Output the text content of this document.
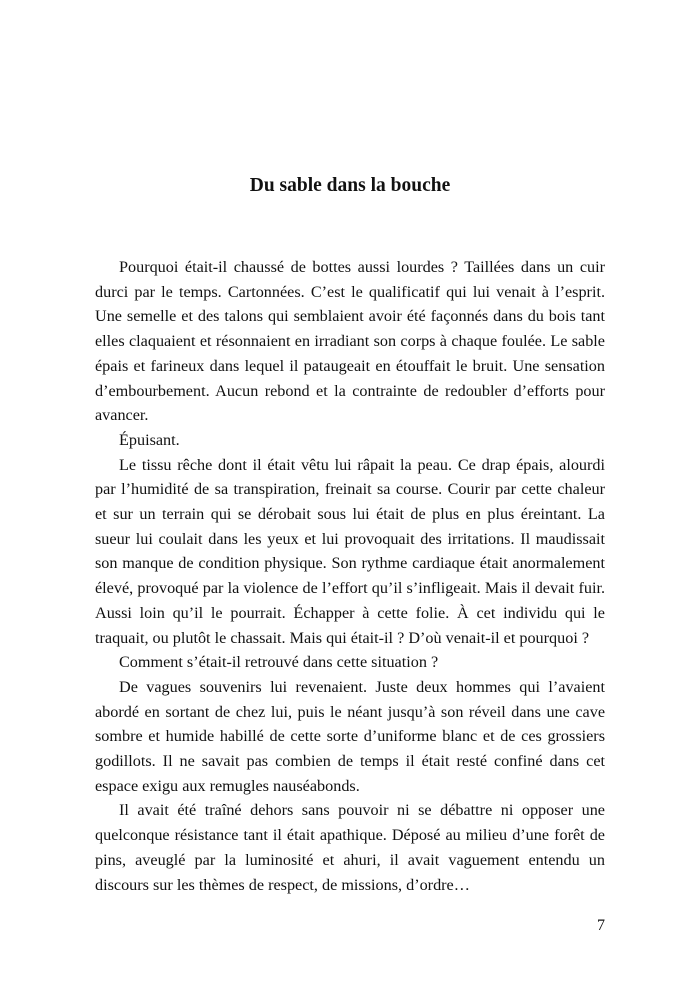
Du sable dans la bouche

Pourquoi était-il chaussé de bottes aussi lourdes ? Taillées dans un cuir durci par le temps. Cartonnées. C’est le qualificatif qui lui venait à l’esprit. Une semelle et des talons qui semblaient avoir été façonnés dans du bois tant elles claquaient et résonnaient en irradiant son corps à chaque foulée. Le sable épais et farineux dans lequel il pataugeait en étouffait le bruit. Une sensation d’embourbement. Aucun rebond et la contrainte de redoubler d’efforts pour avancer.

Épuisant.

Le tissu rêche dont il était vêtu lui râpait la peau. Ce drap épais, alourdi par l’humidité de sa transpiration, freinait sa course. Courir par cette chaleur et sur un terrain qui se dérobait sous lui était de plus en plus éreintant. La sueur lui coulait dans les yeux et lui provoquait des irritations. Il maudissait son manque de condition physique. Son rythme cardiaque était anormalement élevé, provoqué par la violence de l’effort qu’il s’infligeait. Mais il devait fuir. Aussi loin qu’il le pourrait. Échapper à cette folie. À cet individu qui le traquait, ou plutôt le chassait. Mais qui était-il ? D’où venait-il et pourquoi ?

Comment s’était-il retrouvé dans cette situation ?

De vagues souvenirs lui revenaient. Juste deux hommes qui l’avaient abordé en sortant de chez lui, puis le néant jusqu’à son réveil dans une cave sombre et humide habillé de cette sorte d’uniforme blanc et de ces grossiers godillots. Il ne savait pas combien de temps il était resté confiné dans cet espace exigu aux remugles nauséabonds.

Il avait été traîné dehors sans pouvoir ni se débattre ni opposer une quelconque résistance tant il était apathique. Déposé au milieu d’une forêt de pins, aveuglé par la luminosité et ahuri, il avait vaguement entendu un discours sur les thèmes de respect, de missions, d’ordre…

7
